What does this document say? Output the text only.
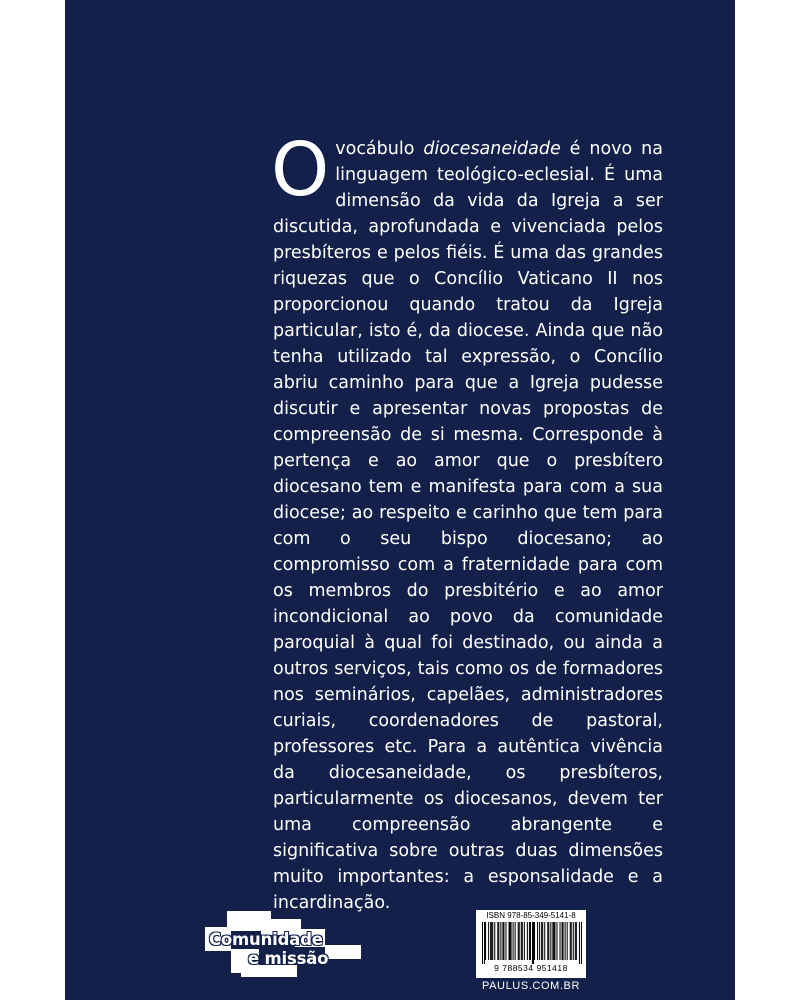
O vocábulo diocesaneidade é novo na linguagem teológico-eclesial. É uma dimensão da vida da Igreja a ser discutida, aprofundada e vivenciada pelos presbíteros e pelos fiéis. É uma das grandes riquezas que o Concílio Vaticano II nos proporcionou quando tratou da Igreja particular, isto é, da diocese. Ainda que não tenha utilizado tal expressão, o Concílio abriu caminho para que a Igreja pudesse discutir e apresentar novas propostas de compreensão de si mesma. Corresponde à pertença e ao amor que o presbítero diocesano tem e manifesta para com a sua diocese; ao respeito e carinho que tem para com o seu bispo diocesano; ao compromisso com a fraternidade para com os membros do presbitério e ao amor incondicional ao povo da comunidade paroquial à qual foi destinado, ou ainda a outros serviços, tais como os de formadores nos seminários, capelães, administradores curiais, coordenadores de pastoral, professores etc. Para a autêntica vivência da diocesaneidade, os presbíteros, particularmente os diocesanos, devem ter uma compreensão abrangente e significativa sobre outras duas dimensões muito importantes: a esponsalidade e a incardinação.
Comunidade
e missão
ISBN 978-85-349-5141-8
9 788534 951418
PAULUS.COM.BR
